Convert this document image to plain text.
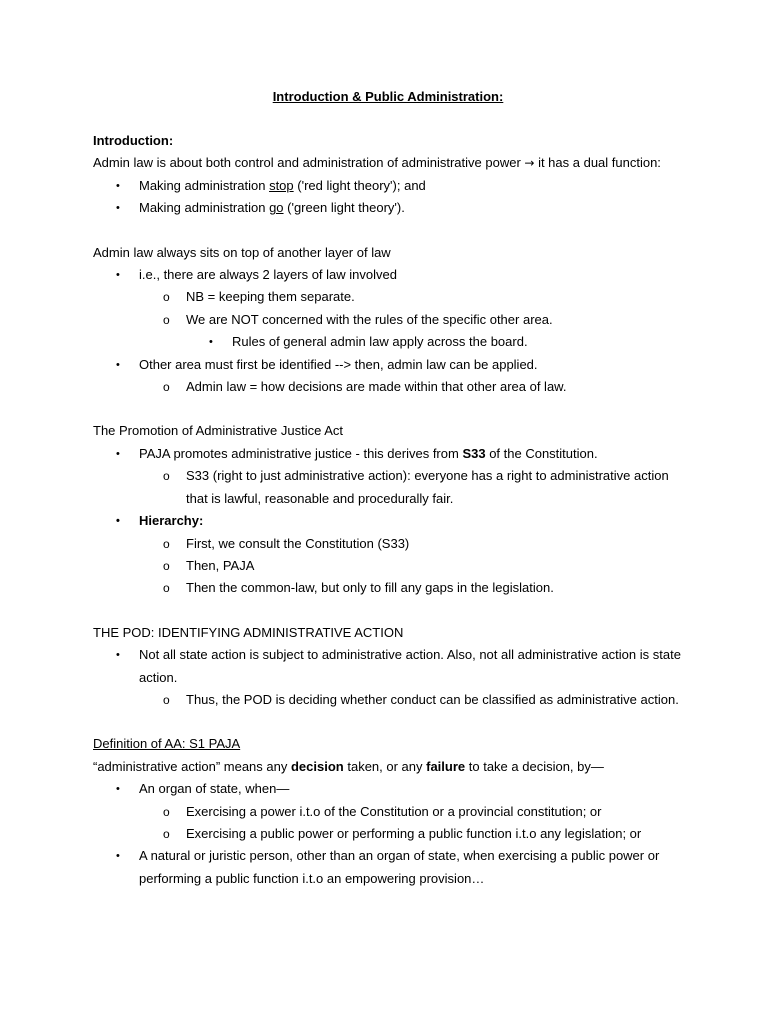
Introduction & Public Administration:
Introduction:
Admin law is about both control and administration of administrative power → it has a dual function:
• Making administration stop ('red light theory'); and
• Making administration go ('green light theory').
Admin law always sits on top of another layer of law
• i.e., there are always 2 layers of law involved
o NB = keeping them separate.
o We are NOT concerned with the rules of the specific other area.
• Rules of general admin law apply across the board.
• Other area must first be identified --> then, admin law can be applied.
o Admin law = how decisions are made within that other area of law.
The Promotion of Administrative Justice Act
• PAJA promotes administrative justice - this derives from S33 of the Constitution.
o S33 (right to just administrative action): everyone has a right to administrative action that is lawful, reasonable and procedurally fair.
• Hierarchy:
o First, we consult the Constitution (S33)
o Then, PAJA
o Then the common-law, but only to fill any gaps in the legislation.
THE POD: IDENTIFYING ADMINISTRATIVE ACTION
• Not all state action is subject to administrative action. Also, not all administrative action is state action.
o Thus, the POD is deciding whether conduct can be classified as administrative action.
Definition of AA: S1 PAJA
“administrative action” means any decision taken, or any failure to take a decision, by—
• An organ of state, when—
o Exercising a power i.t.o of the Constitution or a provincial constitution; or
o Exercising a public power or performing a public function i.t.o any legislation; or
• A natural or juristic person, other than an organ of state, when exercising a public power or performing a public function i.t.o an empowering provision…
